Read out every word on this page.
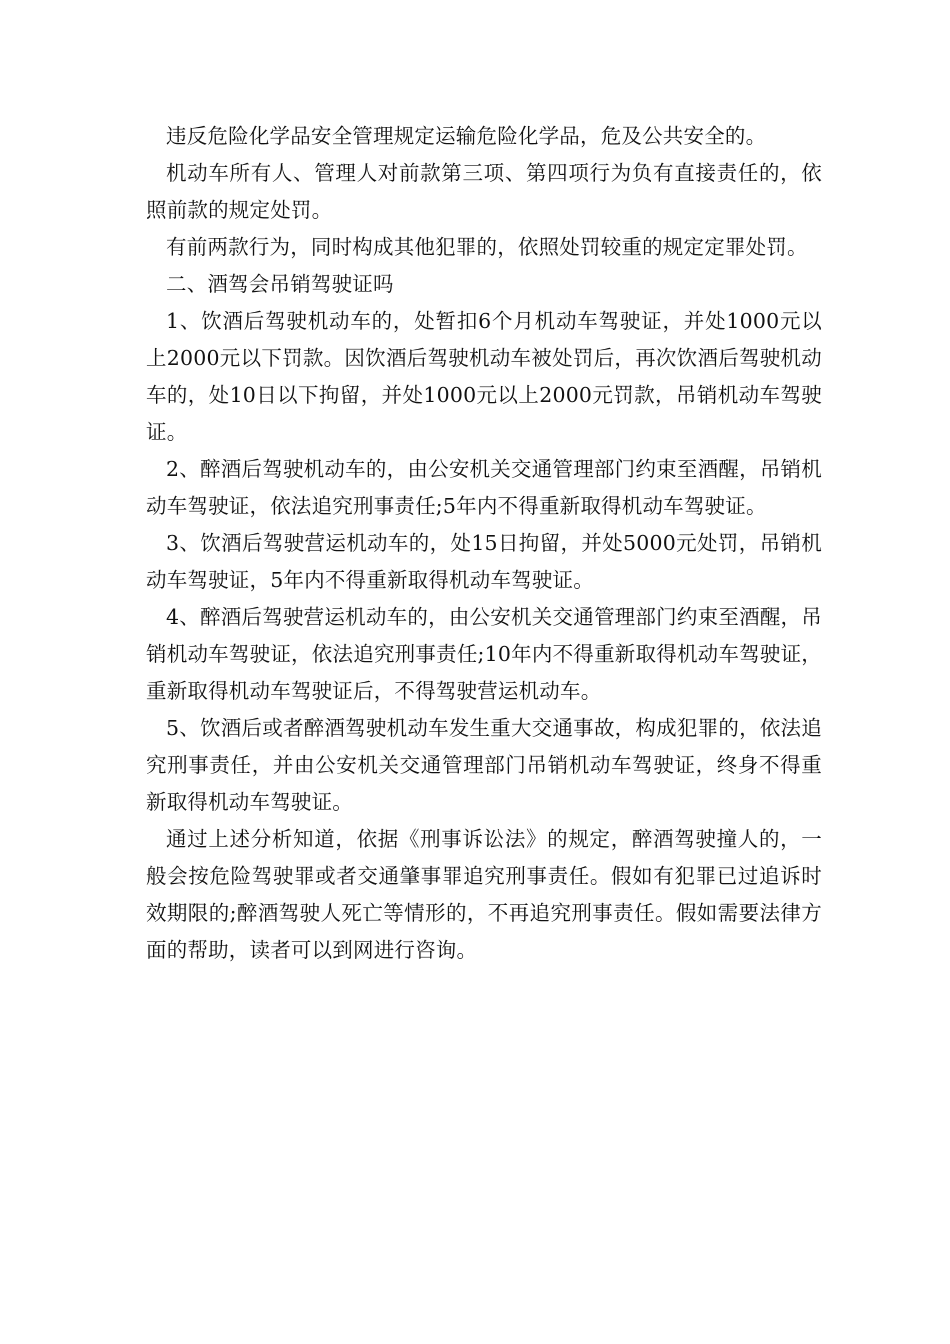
违反危险化学品安全管理规定运输危险化学品，危及公共安全的。

机动车所有人、管理人对前款第三项、第四项行为负有直接责任的，依照前款的规定处罚。

有前两款行为，同时构成其他犯罪的，依照处罚较重的规定定罪处罚。

二、酒驾会吊销驾驶证吗

1、饮酒后驾驶机动车的，处暂扣6个月机动车驾驶证，并处1000元以上2000元以下罚款。因饮酒后驾驶机动车被处罚后，再次饮酒后驾驶机动车的，处10日以下拘留，并处1000元以上2000元罚款，吊销机动车驾驶证。

2、醉酒后驾驶机动车的，由公安机关交通管理部门约束至酒醒，吊销机动车驾驶证，依法追究刑事责任;5年内不得重新取得机动车驾驶证。

3、饮酒后驾驶营运机动车的，处15日拘留，并处5000元处罚，吊销机动车驾驶证，5年内不得重新取得机动车驾驶证。

4、醉酒后驾驶营运机动车的，由公安机关交通管理部门约束至酒醒，吊销机动车驾驶证，依法追究刑事责任;10年内不得重新取得机动车驾驶证，重新取得机动车驾驶证后，不得驾驶营运机动车。

5、饮酒后或者醉酒驾驶机动车发生重大交通事故，构成犯罪的，依法追究刑事责任，并由公安机关交通管理部门吊销机动车驾驶证，终身不得重新取得机动车驾驶证。

通过上述分析知道，依据《刑事诉讼法》的规定，醉酒驾驶撞人的，一般会按危险驾驶罪或者交通肇事罪追究刑事责任。假如有犯罪已过追诉时效期限的;醉酒驾驶人死亡等情形的，不再追究刑事责任。假如需要法律方面的帮助，读者可以到网进行咨询。
